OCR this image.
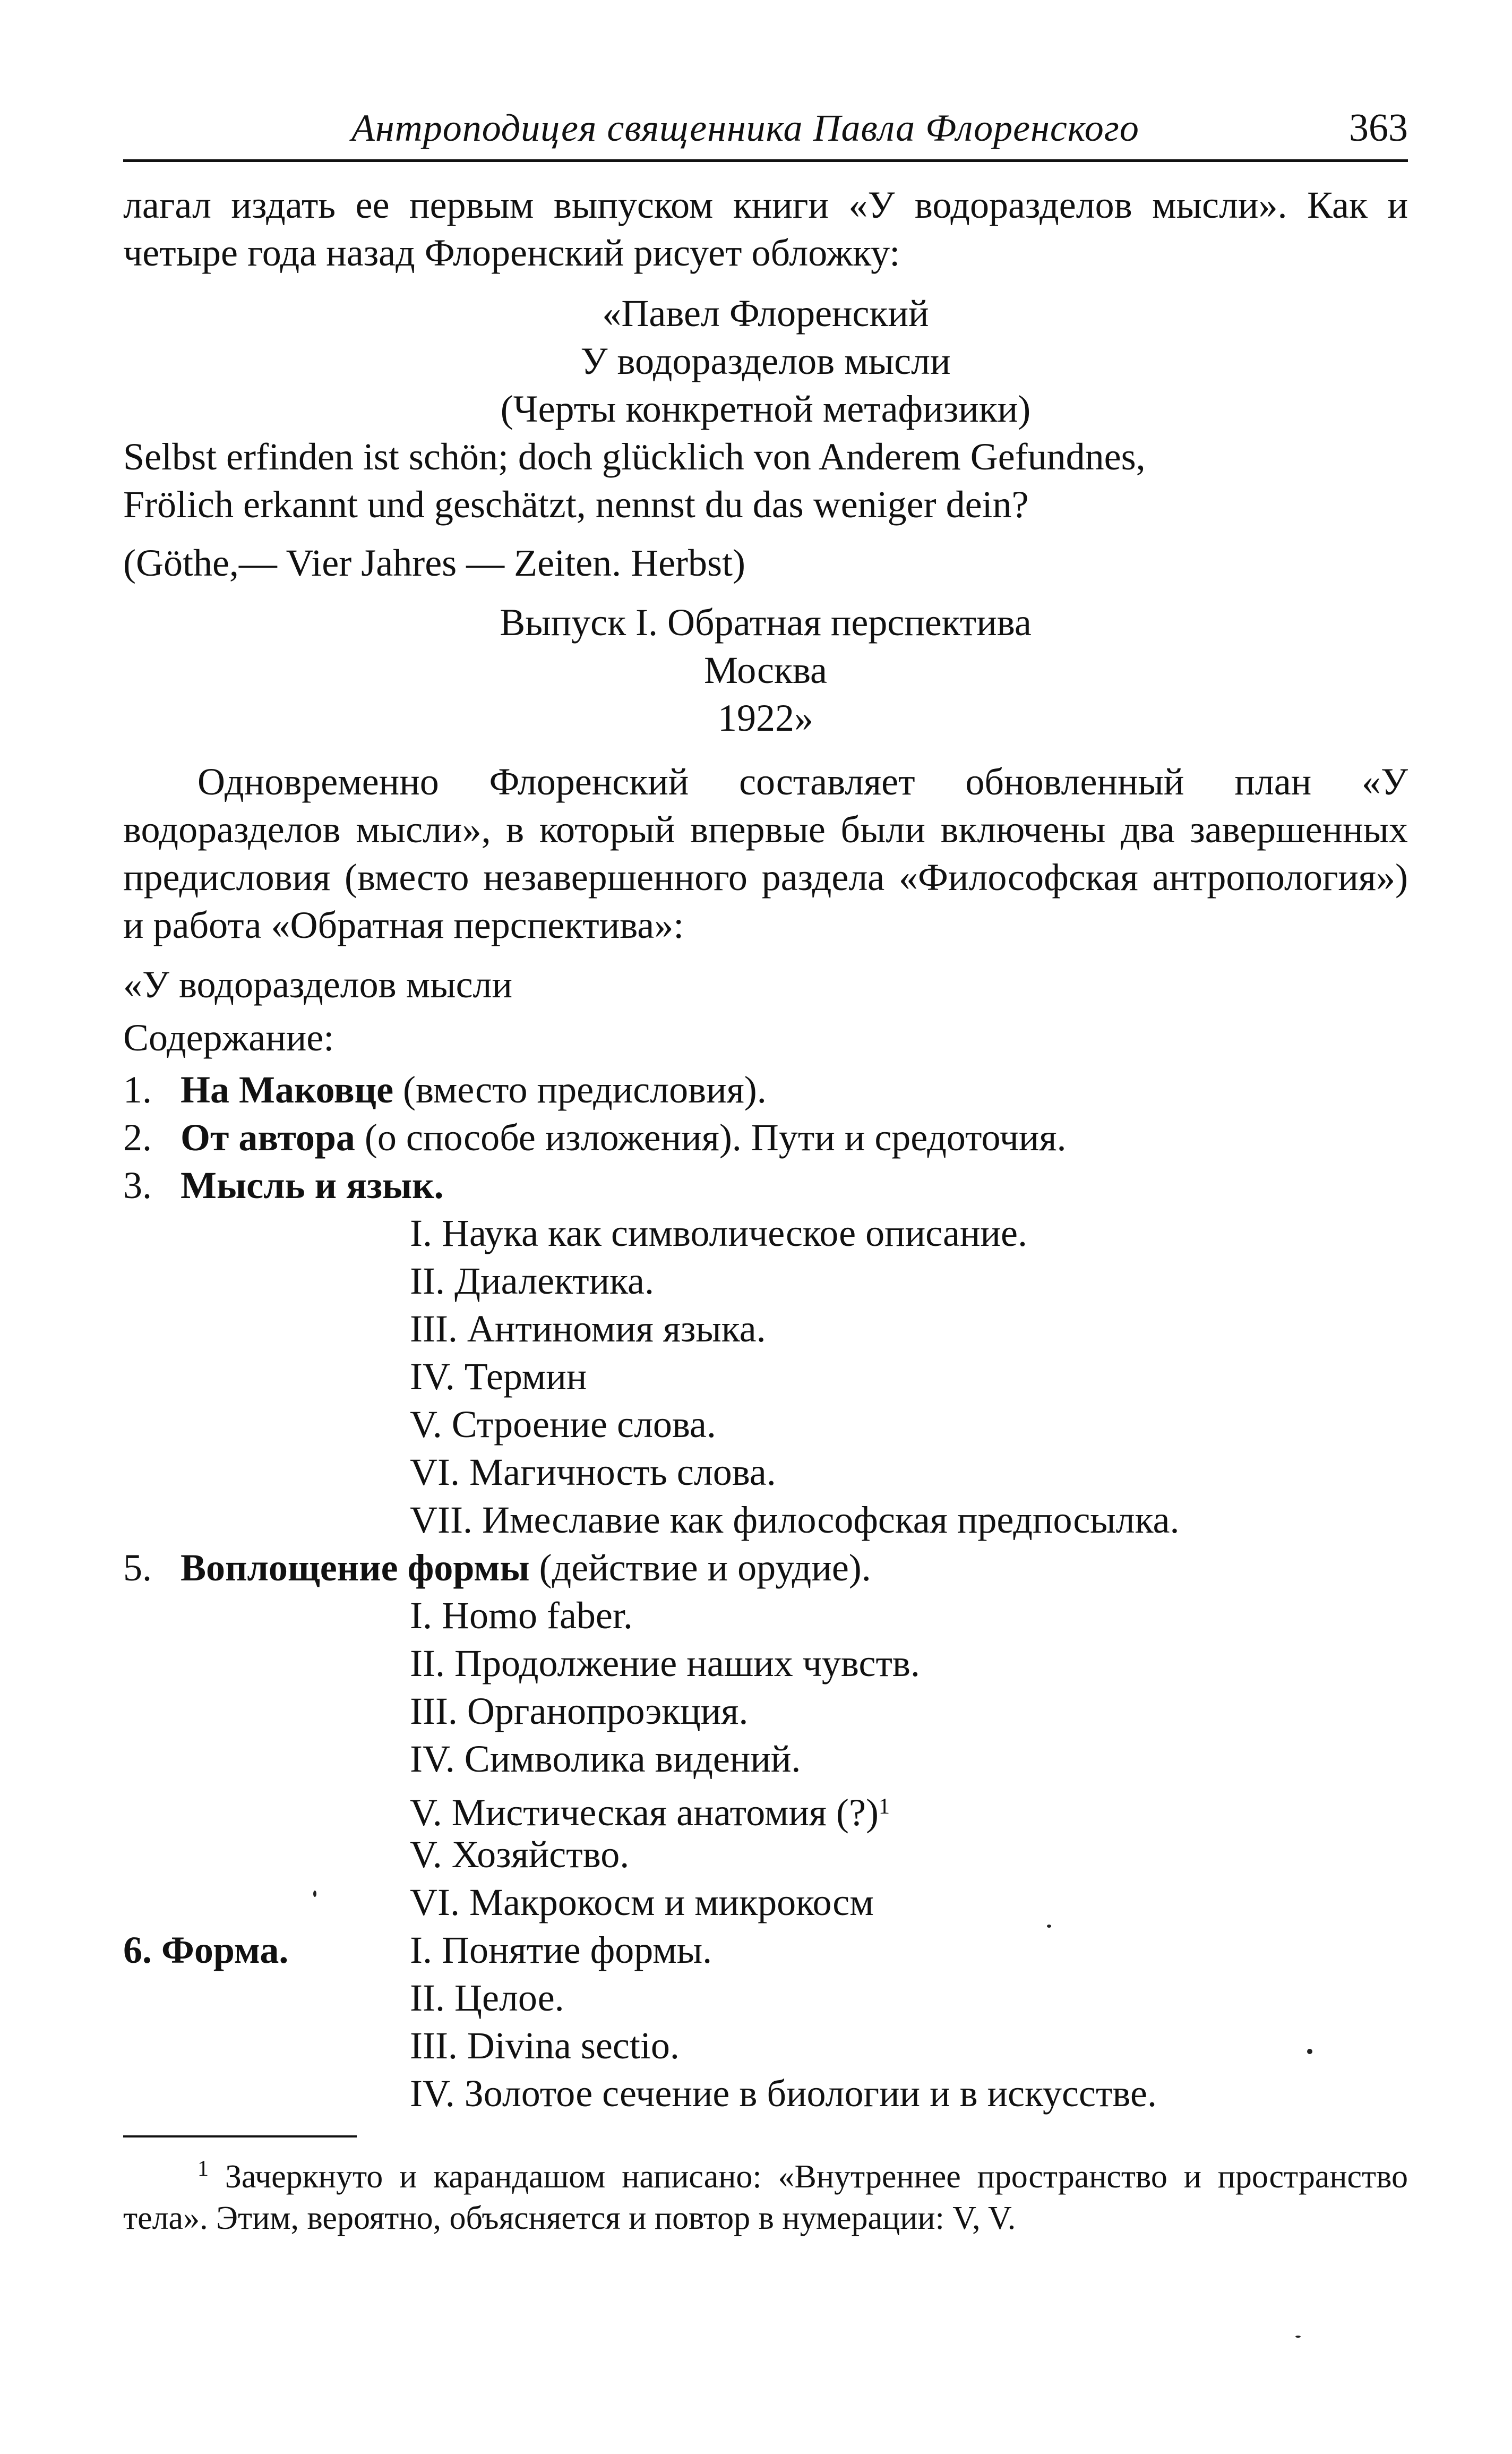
Антроподицея священника Павла Флоренского	363

лагал издать ее первым выпуском книги «У водоразделов мысли». Как и четыре года назад Флоренский рисует обложку:

«Павел Флоренский

У водоразделов мысли

(Черты конкретной метафизики)

Selbst erfinden ist schön; doch glücklich von Anderem Gefundnes,

Frölich erkannt und geschätzt, nennst du das weniger dein?

(Göthe,— Vier Jahres — Zeiten. Herbst)

Выпуск I. Обратная перспектива

Москва

1922»

Одновременно Флоренский составляет обновленный план «У водоразделов мысли», в который впервые были включены два завершенных предисловия (вместо незавершенного раздела «Философская антропология») и работа «Обратная перспектива»:

«У водоразделов мысли

Содержание:

1. На Маковце (вместо предисловия).
2. От автора (о способе изложения). Пути и средоточия.
3. Мысль и язык.
I. Наука как символическое описание.
II. Диалектика.
III. Антиномия языка.
IV. Термин
V. Строение слова.
VI. Магичность слова.
VII. Имеславие как философская предпосылка.
5. Воплощение формы (действие и орудие).
I. Homo faber.
II. Продолжение наших чувств.
III. Органопроэкция.
IV. Символика видений.
V. Мистическая анатомия (?)$^1$
V. Хозяйство.
VI. Макрокосм и микрокосм
6. Форма.	I. Понятие формы.
II. Целое.
III. Divina sectio.
IV. Золотое сечение в биологии и в искусстве.

$^1$ Зачеркнуто и карандашом написано: «Внутреннее пространство и пространство тела». Этим, вероятно, объясняется и повтор в нумерации: V, V.
